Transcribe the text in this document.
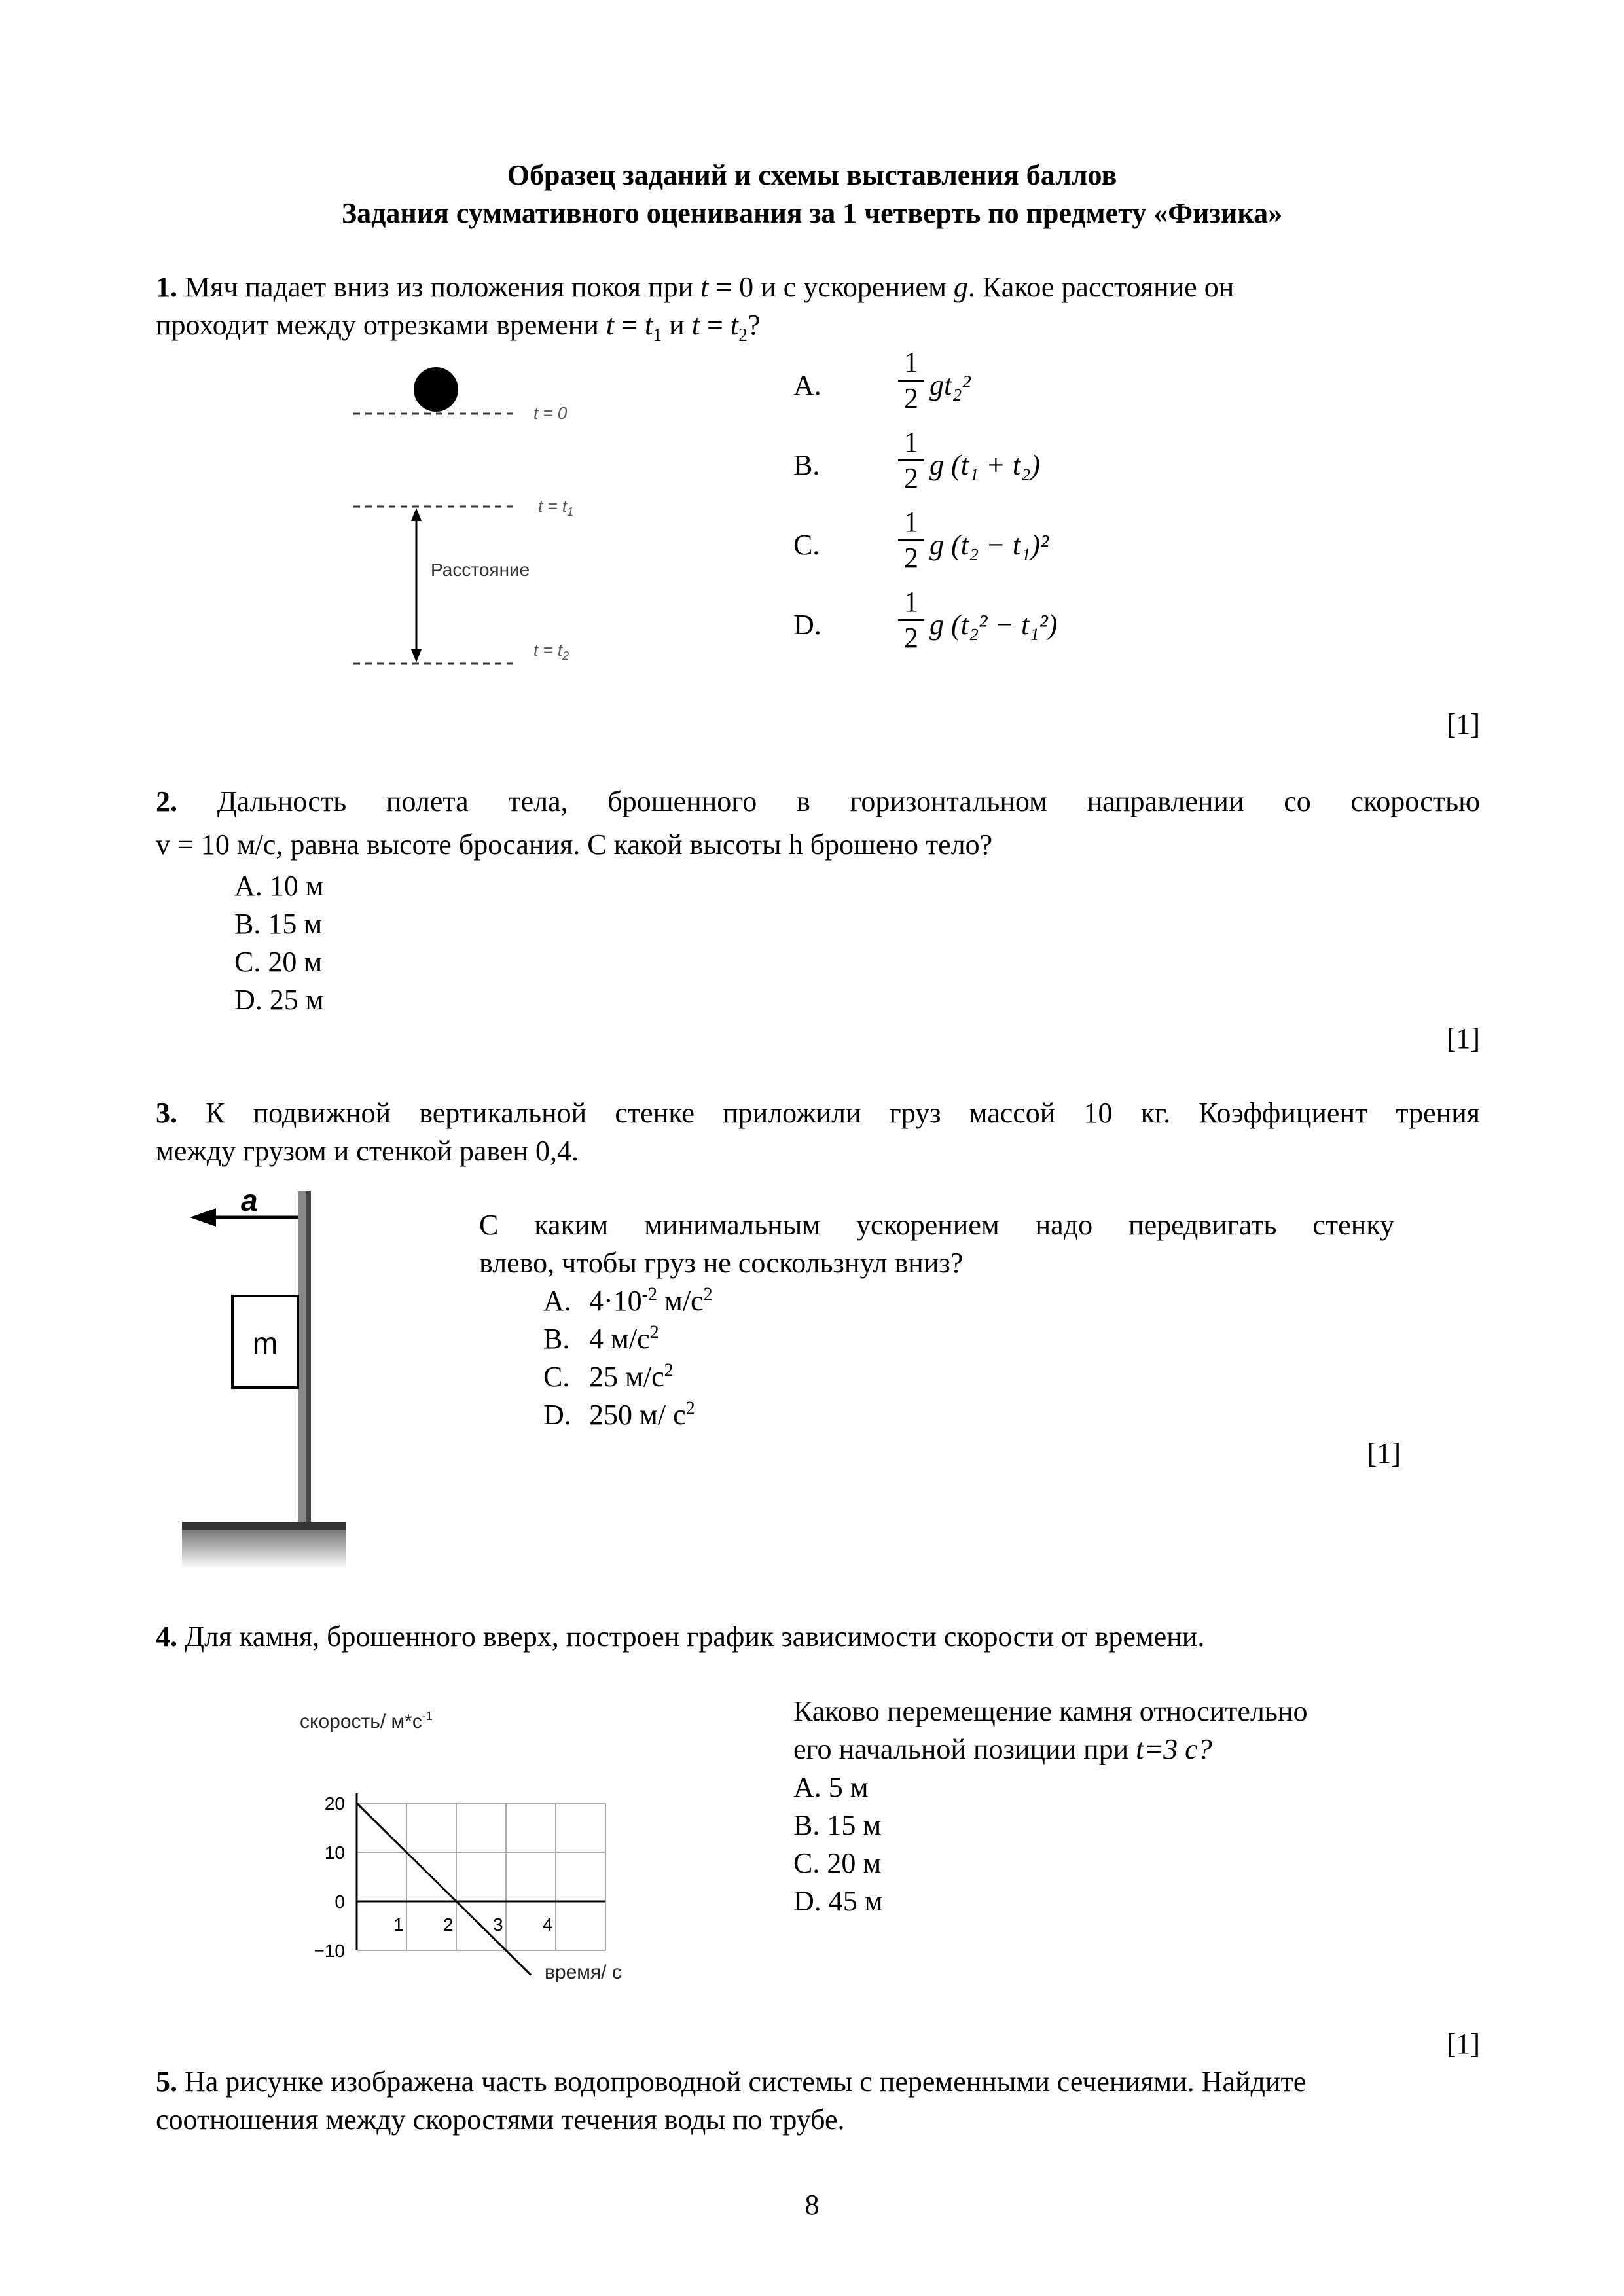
Образец заданий и схемы выставления баллов
Задания суммативного оценивания за 1 четверть по предмету «Физика»
1. Мяч падает вниз из положения покоя при t = 0 и с ускорением g. Какое расстояние он
проходит между отрезками времени $t = t_1$ и $t = t_2$?
t = 0
$t = t_1$
$t = t_2$
Расстояние
A.
1
2 gt₂²
B.
1
2 g (t₁ + t₂)
C.
1
2 g (t₂ − t₁)²
D.
1
2 g (t₂² − t₁²)
[1]
2. Дальность полета тела, брошенного в горизонтальном направлении со скоростью
v = 10 м/с, равна высоте бросания. С какой высоты h брошено тело?
A. 10 м
B. 15 м
C. 20 м
D. 25 м
[1]
3. К подвижной вертикальной стенке приложили груз массой 10 кг. Коэффициент трения
между грузом и стенкой равен 0,4.
a
m
С каким минимальным ускорением надо передвигать стенку
влево, чтобы груз не соскользнул вниз?
A. $4\cdot 10^{-2}$ $м/с^2$
B. 4 $м/с^2$
C. 25 $м/с^2$
D. 250 м/ $с^2$
[1]
4. Для камня, брошенного вверх, построен график зависимости скорости от времени.
1 2 3 4
20
10
0
−10
скорость/ $м*с^{-1}$
время/ с
Каково перемещение камня относительно
его начальной позиции при t=3 c?
A. 5 м
B. 15 м
C. 20 м
D. 45 м
[1]
5. На рисунке изображена часть водопроводной системы с переменными сечениями. Найдите
соотношения между скоростями течения воды по трубе.
8
